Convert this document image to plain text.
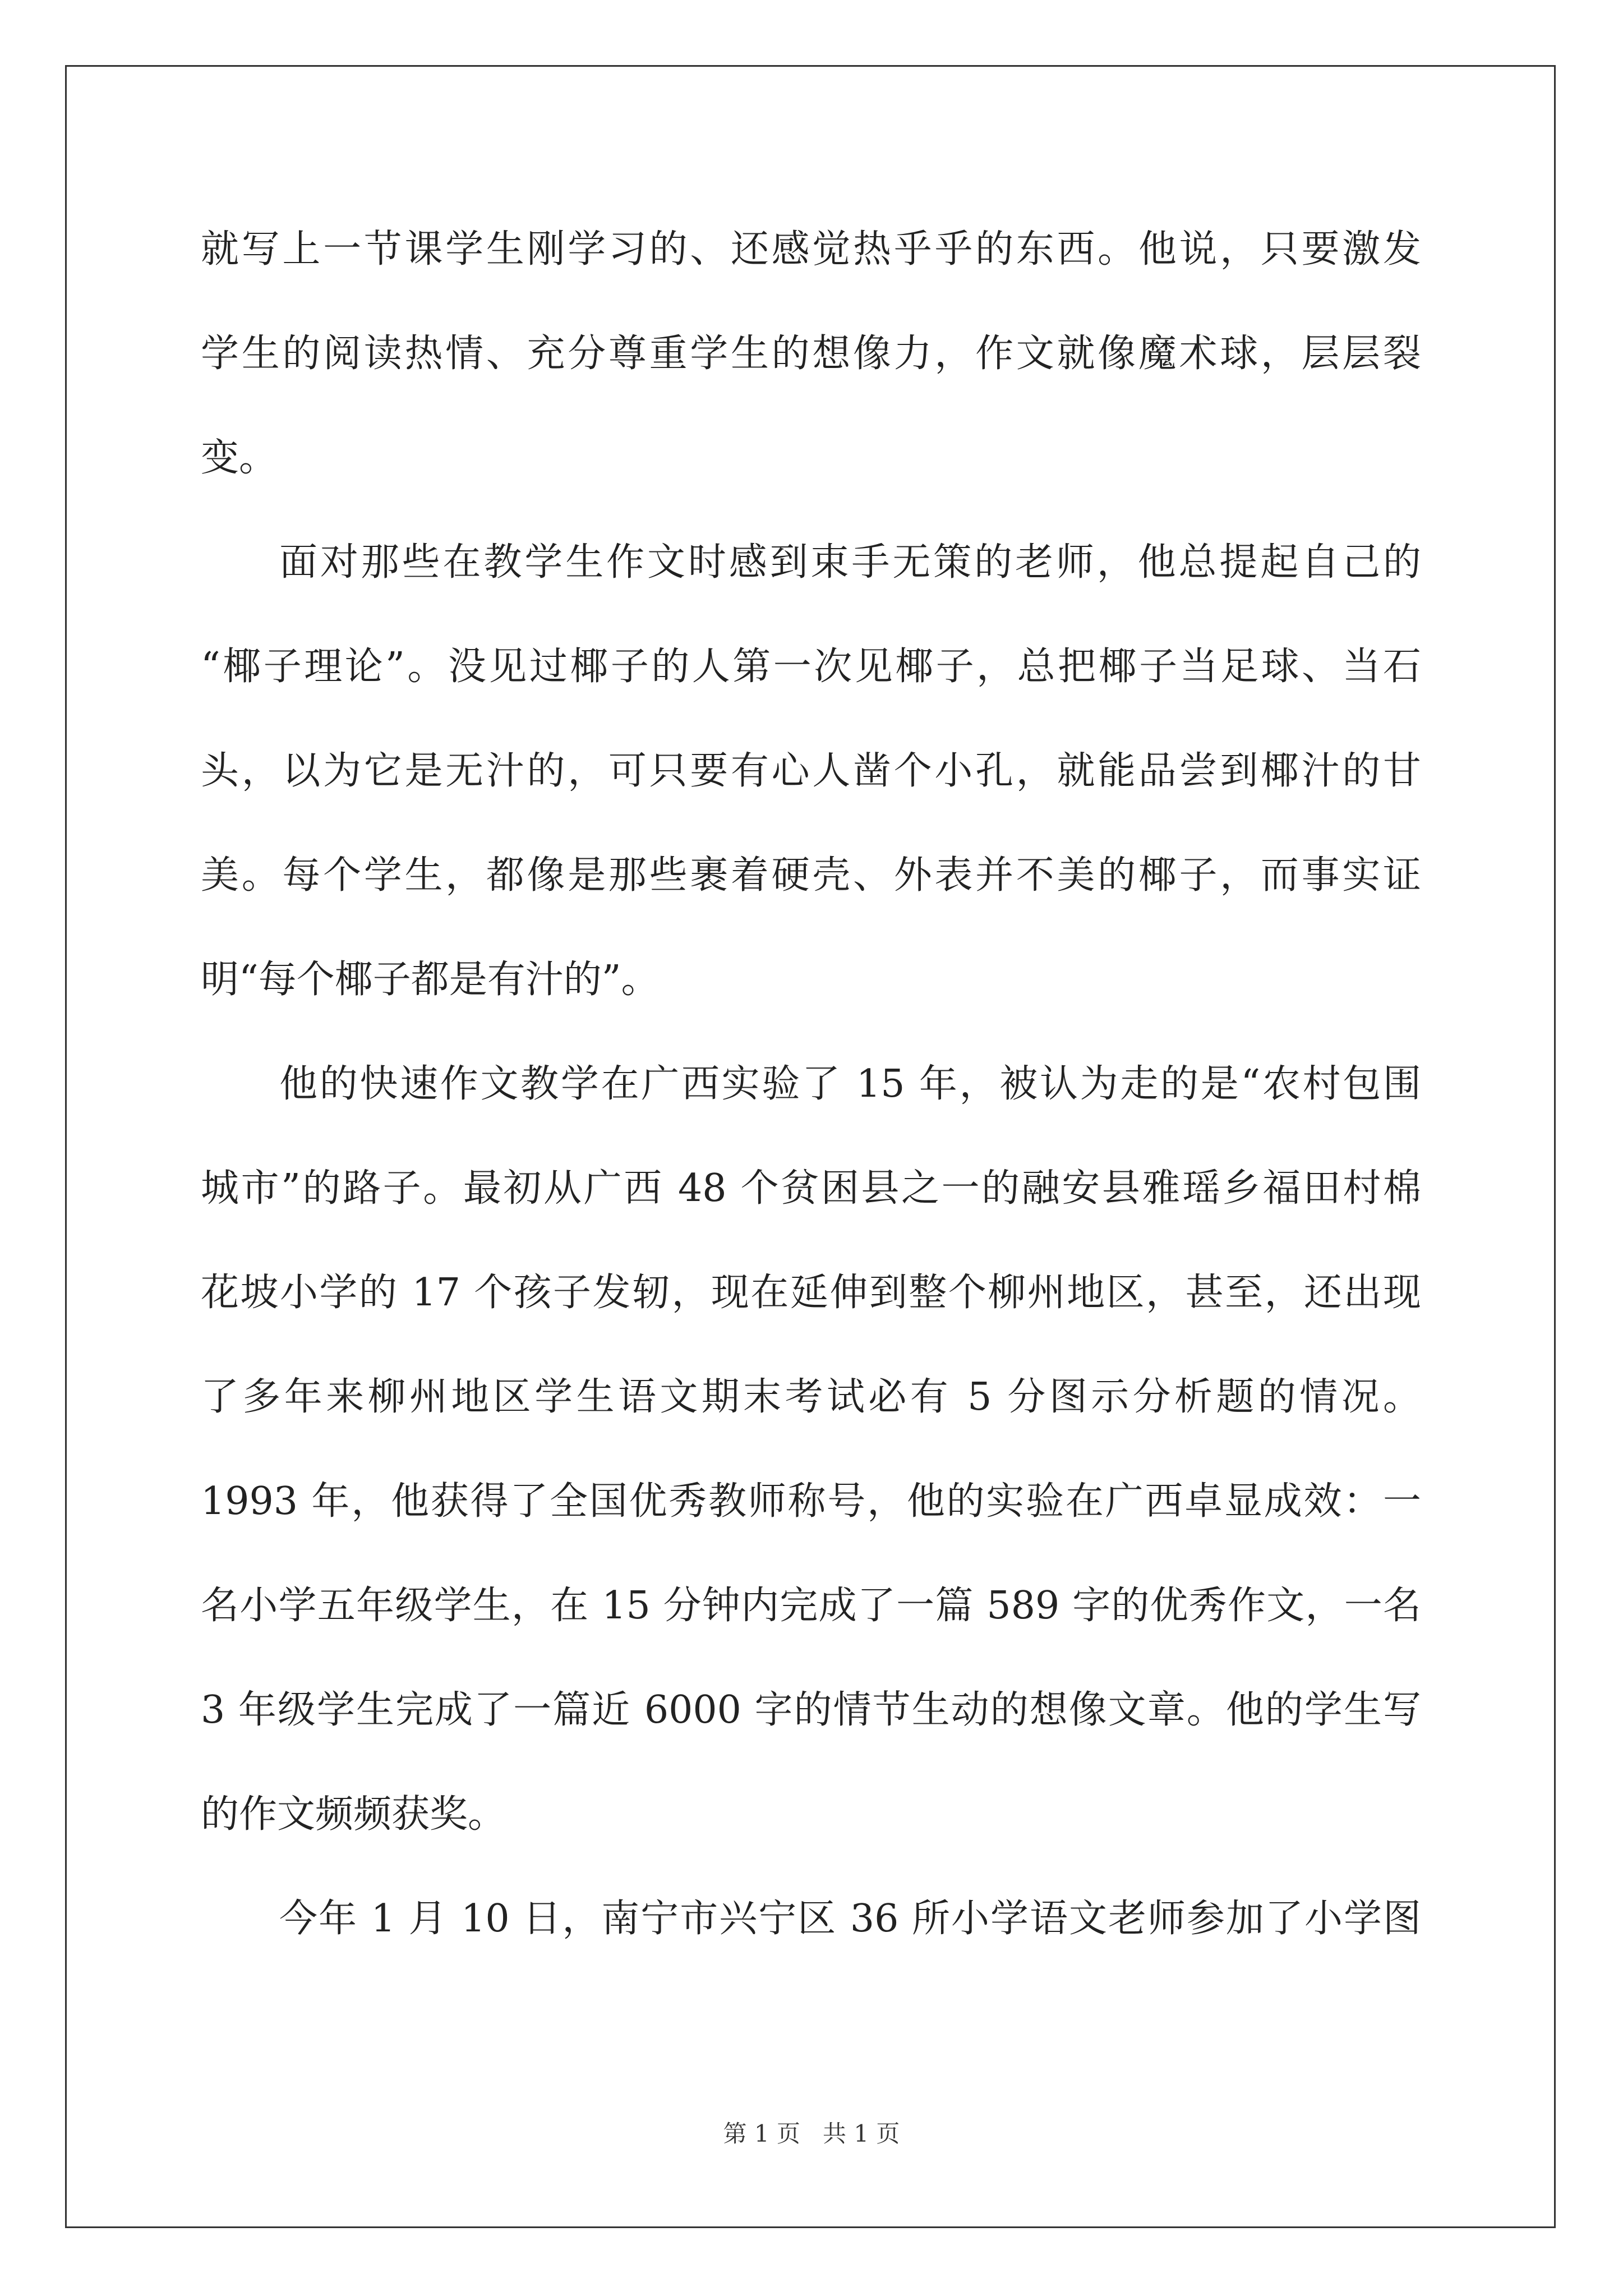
就写上一节课学生刚学习的、还感觉热乎乎的东西。他说，只要激发
学生的阅读热情、充分尊重学生的想像力，作文就像魔术球，层层裂
变。
面对那些在教学生作文时感到束手无策的老师，他总提起自己的
“椰子理论”。没见过椰子的人第一次见椰子，总把椰子当足球、当石
头，以为它是无汁的，可只要有心人凿个小孔，就能品尝到椰汁的甘
美。每个学生，都像是那些裹着硬壳、外表并不美的椰子，而事实证
明“每个椰子都是有汁的”。
他的快速作文教学在广西实验了 15 年，被认为走的是“农村包围
城市”的路子。最初从广西 48 个贫困县之一的融安县雅瑶乡福田村棉
花坡小学的 17 个孩子发轫，现在延伸到整个柳州地区，甚至，还出现
了多年来柳州地区学生语文期末考试必有 5 分图示分析题的情况。
1993 年，他获得了全国优秀教师称号，他的实验在广西卓显成效：一
名小学五年级学生，在 15 分钟内完成了一篇 589 字的优秀作文，一名
3 年级学生完成了一篇近 6000 字的情节生动的想像文章。他的学生写
的作文频频获奖。
今年 1 月 10 日，南宁市兴宁区 36 所小学语文老师参加了小学图
第 1 页 共 1 页
